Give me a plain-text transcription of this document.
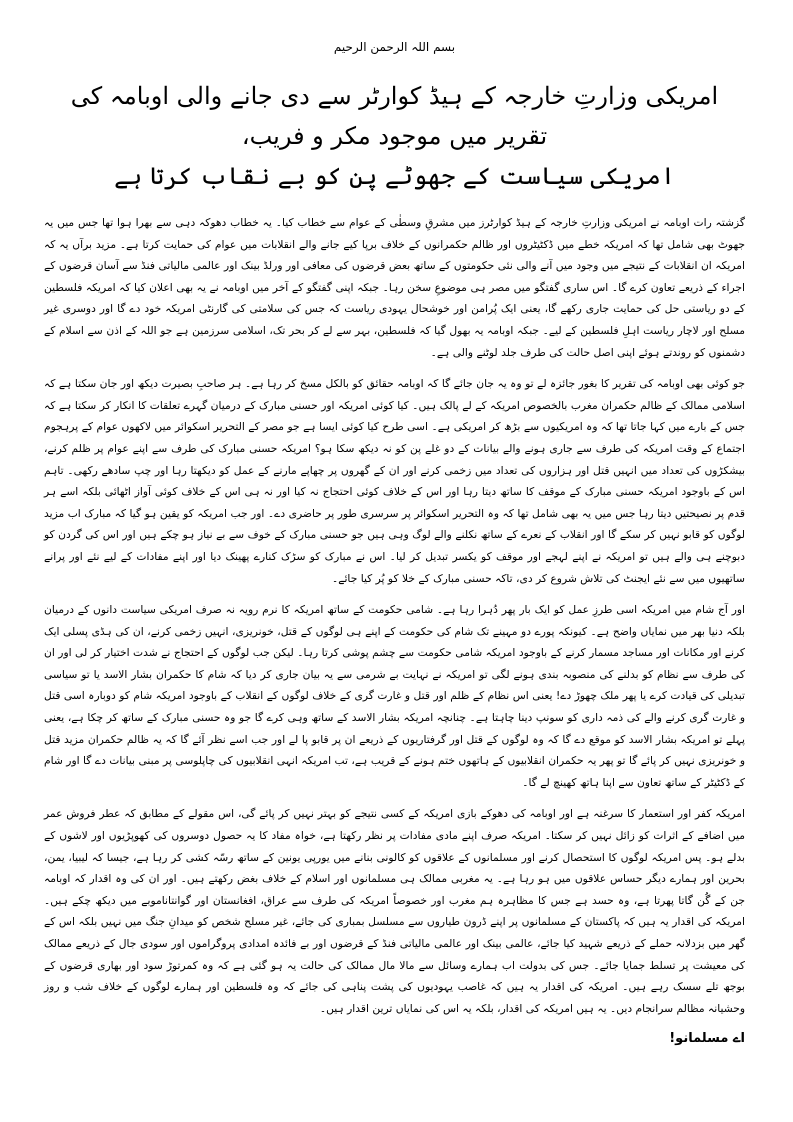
بسم اللہ الرحمن الرحیم
امریکی وزارتِ خارجہ کے ہیڈ کوارٹر سے دی جانے والی اوبامہ کی تقریر میں موجود مکر و فریب،
امریکی سیاست کے جھوٹے پن کو بے نقاب کرتا ہے

گزشتہ رات اوبامہ نے امریکی وزارتِ خارجہ کے ہیڈ کوارٹرز میں مشرقِ وسطٰی کے عوام سے خطاب کیا۔ یہ خطاب دھوکہ دہی سے بھرا ہوا تھا جس میں یہ جھوٹ بھی شامل تھا کہ امریکہ خطے میں ڈکٹیٹروں اور ظالم حکمرانوں کے خلاف برپا کیے جانے والے انقلابات میں عوام کی حمایت کرتا ہے۔ مزید برآں یہ کہ امریکہ ان انقلابات کے نتیجے میں وجود میں آنے والی نئی حکومتوں کے ساتھ بعض قرضوں کی معافی اور ورلڈ بینک اور عالمی مالیاتی فنڈ سے آسان قرضوں کے اجراء کے ذریعے تعاون کرے گا۔ اس ساری گفتگو میں مصر ہی موضوعِ سخن رہا۔ جبکہ اپنی گفتگو کے آخر میں اوبامہ نے یہ بھی اعلان کیا کہ امریکہ فلسطین کے دو ریاستی حل کی حمایت جاری رکھے گا، یعنی ایک پُرامن اور خوشحال یہودی ریاست کہ جس کی سلامتی کی گارنٹی امریکہ خود دے گا اور دوسری غیر مسلح اور لاچار ریاست اہلِ فلسطین کے لیے۔ جبکہ اوبامہ یہ بھول گیا کہ فلسطین، بہر سے لے کر بحر تک، اسلامی سرزمین ہے جو اللہ کے اذن سے اسلام کے دشمنوں کو روندتے ہوئے اپنی اصل حالت کی طرف جلد لوٹنے والی ہے۔

جو کوئی بھی اوبامہ کی تقریر کا بغور جائزہ لے تو وہ یہ جان جائے گا کہ اوبامہ حقائق کو بالکل مسخ کر رہا ہے۔ ہر صاحبِ بصیرت دیکھ اور جان سکتا ہے کہ اسلامی ممالک کے ظالم حکمران مغرب بالخصوص امریکہ کے لے پالک ہیں۔ کیا کوئی امریکہ اور حسنی مبارک کے درمیان گہرے تعلقات کا انکار کر سکتا ہے کہ جس کے بارے میں کہا جاتا تھا کہ وہ امریکیوں سے بڑھ کر امریکی ہے۔ اسی طرح کیا کوئی ایسا ہے جو مصر کے التحریر اسکوائر میں لاکھوں عوام کے پرہجوم اجتماع کے وقت امریکہ کی طرف سے جاری ہونے والے بیانات کے دو غلے پن کو نہ دیکھ سکا ہو؟ امریکہ حسنی مبارک کی طرف سے اپنے عوام پر ظلم کرنے، بیشکڑوں کی تعداد میں انہیں قتل اور ہزاروں کی تعداد میں زخمی کرنے اور ان کے گھروں پر چھاپے مارنے کے عمل کو دیکھتا رہا اور چپ سادھے رکھی۔ تاہم اس کے باوجود امریکہ حسنی مبارک کے موقف کا ساتھ دیتا رہا اور اس کے خلاف کوئی احتجاج نہ کیا اور نہ ہی اس کے خلاف کوئی آواز اٹھائی بلکہ اسے ہر قدم پر نصیحتیں دیتا رہا جس میں یہ بھی شامل تھا کہ وہ التحریر اسکوائر پر سرسری طور پر حاضری دے۔ اور جب امریکہ کو یقین ہو گیا کہ مبارک اب مزید لوگوں کو قابو نہیں کر سکے گا اور انقلاب کے نعرے کے ساتھ نکلنے والے لوگ وہی ہیں جو حسنی مبارک کے خوف سے بے نیاز ہو چکے ہیں اور اس کی گردن کو دبوچنے ہی والے ہیں تو امریکہ نے اپنے لہجے اور موقف کو یکسر تبدیل کر لیا۔ اس نے مبارک کو سڑک کنارے پھینک دیا اور اپنے مفادات کے لیے نئے اور پرانے ساتھیوں میں سے نئے ایجنٹ کی تلاش شروع کر دی، تاکہ حسنی مبارک کے خلا کو پُر کیا جائے۔

اور آج شام میں امریکہ اسی طرزِ عمل کو ایک بار پھر دُہرا رہا ہے۔ شامی حکومت کے ساتھ امریکہ کا نرم رویہ نہ صرف امریکی سیاست دانوں کے درمیان بلکہ دنیا بھر میں نمایاں واضح ہے۔ کیونکہ پورے دو مہینے تک شام کی حکومت کے اپنے ہی لوگوں کے قتل، خونریزی، انہیں زخمی کرنے، ان کی ہڈی پسلی ایک کرنے اور مکانات اور مساجد مسمار کرنے کے باوجود امریکہ شامی حکومت سے چشم پوشی کرتا رہا۔ لیکن جب لوگوں کے احتجاج نے شدت اختیار کر لی اور ان کی طرف سے نظام کو بدلنے کی منصوبہ بندی ہونے لگی تو امریکہ نے نہایت بے شرمی سے یہ بیان جاری کر دیا کہ شام کا حکمران بشار الاسد یا تو سیاسی تبدیلی کی قیادت کرے یا پھر ملک چھوڑ دے! یعنی اس نظام کے ظلم اور قتل و غارت گری کے خلاف لوگوں کے انقلاب کے باوجود امریکہ شام کو دوبارہ اسی قتل و غارت گری کرنے والے کی ذمہ داری کو سونپ دینا چاہتا ہے۔ چنانچہ امریکہ بشار الاسد کے ساتھ وہی کرے گا جو وہ حسنی مبارک کے ساتھ کر چکا ہے، یعنی پہلے تو امریکہ بشار الاسد کو موقع دے گا کہ وہ لوگوں کے قتل اور گرفتاریوں کے ذریعے ان پر قابو پا لے اور جب اسے نظر آئے گا کہ یہ ظالم حکمران مزید قتل و خونریزی نہیں کر پائے گا تو پھر یہ حکمران انقلابیوں کے ہاتھوں ختم ہونے کے قریب ہے، تب امریکہ انہی انقلابیوں کی چاپلوسی پر مبنی بیانات دے گا اور شام کے ڈکٹیٹر کے ساتھ تعاون سے اپنا ہاتھ کھینچ لے گا۔

امریکہ کفر اور استعمار کا سرغنہ ہے اور اوبامہ کی دھوکے بازی امریکہ کے کسی نتیجے کو بہتر نہیں کر پائے گی، اس مقولے کے مطابق کہ عطر فروش عمر میں اضافے کے اثرات کو زائل نہیں کر سکتا۔ امریکہ صرف اپنے مادی مفادات پر نظر رکھتا ہے، خواہ مفاد کا یہ حصول دوسروں کی کھوپڑیوں اور لاشوں کے بدلے ہو۔ پس امریکہ لوگوں کا استحصال کرنے اور مسلمانوں کے علاقوں کو کالونی بنانے میں یورپی یونین کے ساتھ رسّہ کشی کر رہا ہے، جیسا کہ لیبیا، یمن، بحرین اور ہمارے دیگر حساس علاقوں میں ہو رہا ہے۔ یہ مغربی ممالک ہی مسلمانوں اور اسلام کے خلاف بغض رکھتے ہیں۔ اور ان کی وہ اقدار کہ اوبامہ جن کے گُن گاتا پھرتا ہے، وہ حسد ہے جس کا مظاہرہ ہم مغرب اور خصوصاً امریکہ کی طرف سے عراق، افغانستان اور گوانتاناموبے میں دیکھ چکے ہیں۔ امریکہ کی اقدار یہ ہیں کہ پاکستان کے مسلمانوں پر اپنے ڈرون طیاروں سے مسلسل بمباری کی جائے، غیر مسلح شخص کو میدانِ جنگ میں نہیں بلکہ اس کے گھر میں بزدلانہ حملے کے ذریعے شہید کیا جائے، عالمی بینک اور عالمی مالیاتی فنڈ کے قرضوں اور بے فائدہ امدادی پروگراموں اور سودی جال کے ذریعے ممالک کی معیشت پر تسلط جمایا جائے۔ جس کی بدولت اب ہمارے وسائل سے مالا مال ممالک کی حالت یہ ہو گئی ہے کہ وہ کمرتوڑ سود اور بھاری قرضوں کے بوجھ تلے سسک رہے ہیں۔ امریکہ کی اقدار یہ ہیں کہ غاصب یہودیوں کی پشت پناہی کی جائے کہ وہ فلسطین اور ہمارے لوگوں کے خلاف شب و روز وحشیانہ مظالم سرانجام دیں۔ یہ ہیں امریکہ کی اقدار، بلکہ یہ اس کی نمایاں ترین اقدار ہیں۔

اے مسلمانو!
